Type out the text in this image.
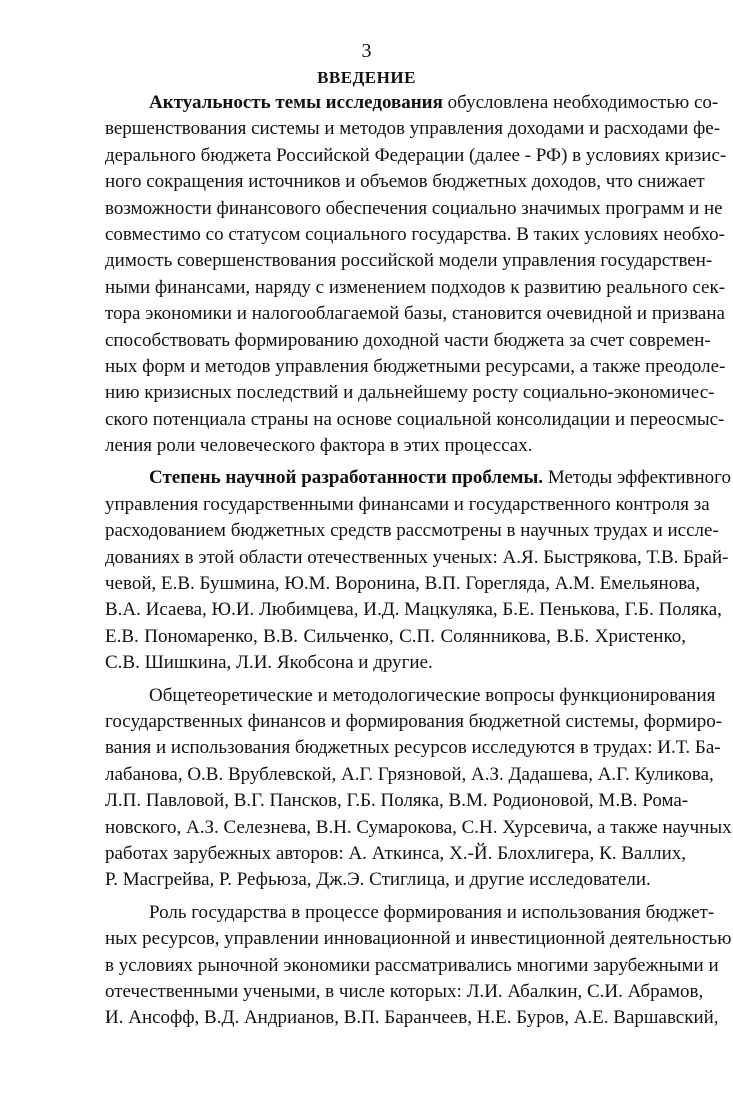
3
ВВЕДЕНИЕ
Актуальность темы исследования обусловлена необходимостью со-
вершенствования системы и методов управления доходами и расходами фе-
дерального бюджета Российской Федерации (далее - РФ) в условиях кризис-
ного сокращения источников и объемов бюджетных доходов, что снижает
возможности финансового обеспечения социально значимых программ и не
совместимо со статусом социального государства. В таких условиях необхо-
димость совершенствования российской модели управления государствен-
ными финансами, наряду с изменением подходов к развитию реального сек-
тора экономики и налогооблагаемой базы, становится очевидной и призвана
способствовать формированию доходной части бюджета за счет современ-
ных форм и методов управления бюджетными ресурсами, а также преодоле-
нию кризисных последствий и дальнейшему росту социально-экономичес-
ского потенциала страны на основе социальной консолидации и переосмыс-
ления роли человеческого фактора в этих процессах.
Степень научной разработанности проблемы. Методы эффективного
управления государственными финансами и государственного контроля за
расходованием бюджетных средств рассмотрены в научных трудах и иссле-
дованиях в этой области отечественных ученых: А.Я. Быстрякова, Т.В. Брай-
чевой, Е.В. Бушмина, Ю.М. Воронина, В.П. Горегляда, А.М. Емельянова,
В.А. Исаева, Ю.И. Любимцева, И.Д. Мацкуляка, Б.Е. Пенькова, Г.Б. Поляка,
Е.В. Пономаренко, В.В. Сильченко, С.П. Солянникова, В.Б. Христенко,
С.В. Шишкина, Л.И. Якобсона и другие.
Общетеоретические и методологические вопросы функционирования
государственных финансов и формирования бюджетной системы, формиро-
вания и использования бюджетных ресурсов исследуются в трудах: И.Т. Ба-
лабанова, О.В. Врублевской, А.Г. Грязновой, А.З. Дадашева, А.Г. Куликова,
Л.П. Павловой, В.Г. Пансков, Г.Б. Поляка, В.М. Родионовой, М.В. Рома-
новского, А.З. Селезнева, В.Н. Сумарокова, С.Н. Хурсевича, а также научных
работах зарубежных авторов: А. Аткинса, Х.-Й. Блохлигера, К. Валлих,
Р. Масгрейва, Р. Рефьюза, Дж.Э. Стиглица, и другие исследователи.
Роль государства в процессе формирования и использования бюджет-
ных ресурсов, управлении инновационной и инвестиционной деятельностью
в условиях рыночной экономики рассматривались многими зарубежными и
отечественными учеными, в числе которых: Л.И. Абалкин, С.И. Абрамов,
И. Ансофф, В.Д. Андрианов, В.П. Баранчеев, Н.Е. Буров, А.Е. Варшавский,
